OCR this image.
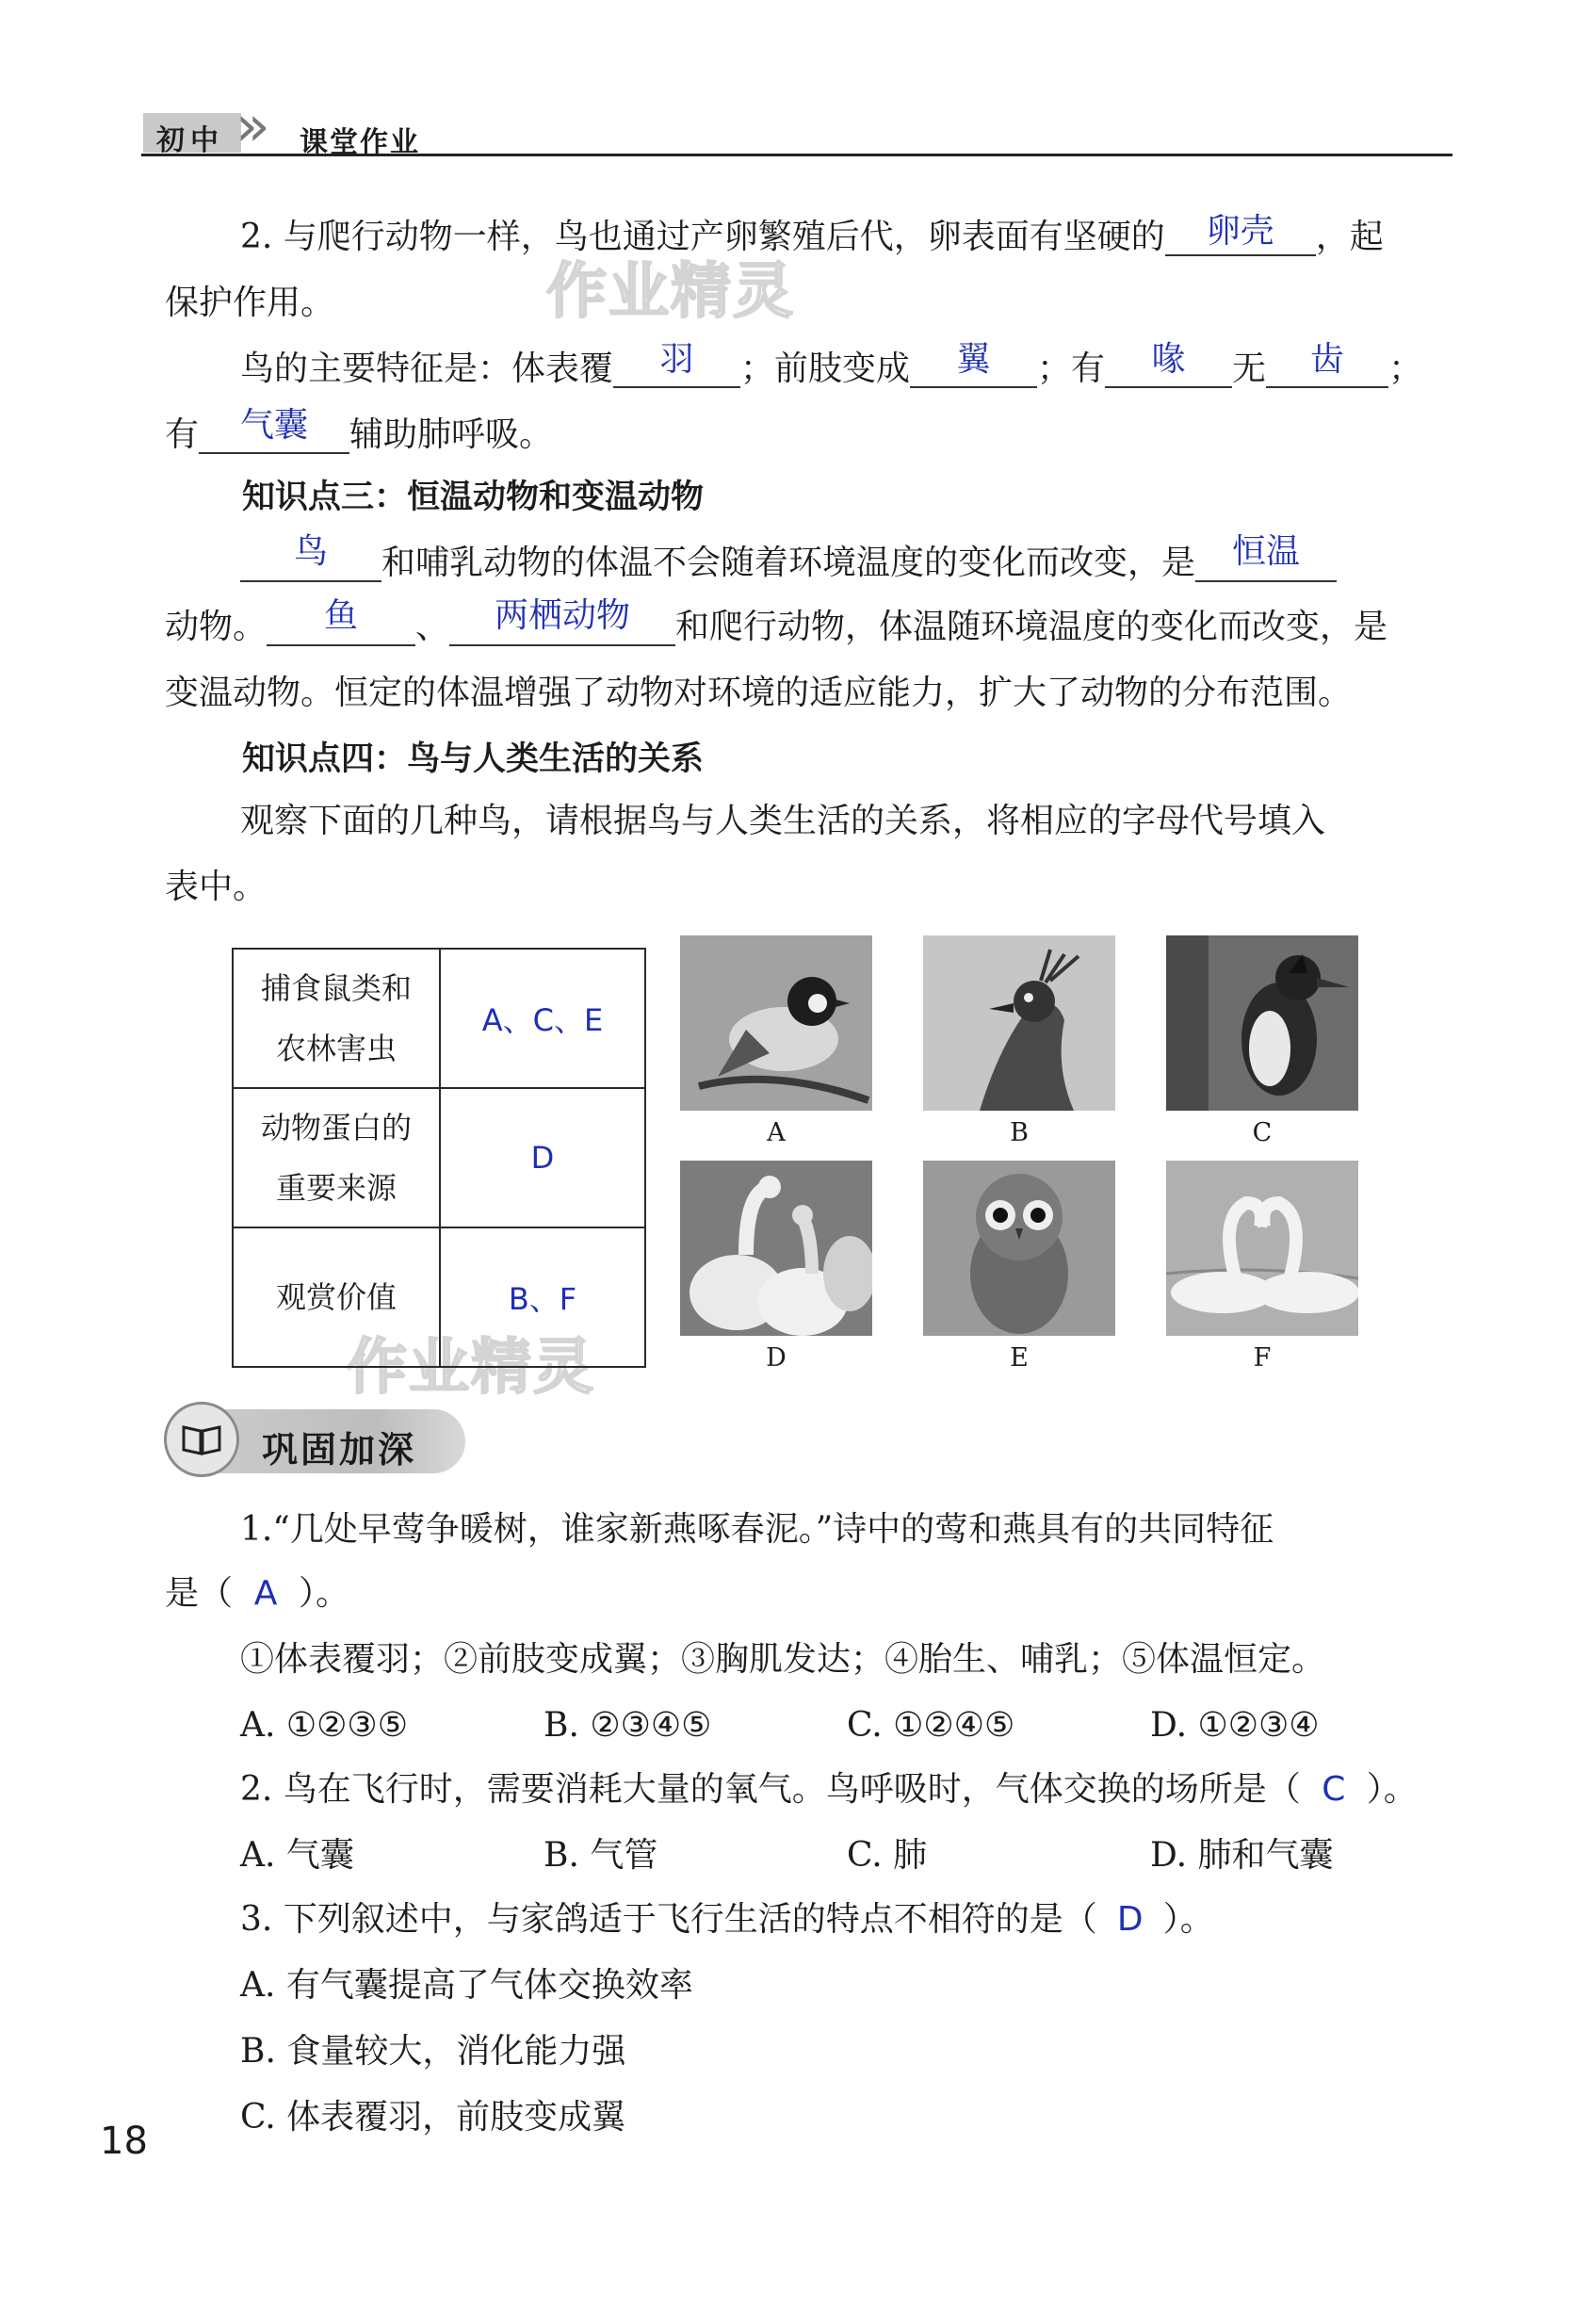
初中 » 课堂作业
作业精灵
作业精灵
2. 与爬行动物一样，鸟也通过产卵繁殖后代，卵表面有坚硬的	卵壳	，起
保护作用。
鸟的主要特征是：体表覆	羽	；前肢变成	翼	；有	喙	无	齿	；
有	气囊	辅助肺呼吸。
知识点三：恒温动物和变温动物
鸟	和哺乳动物的体温不会随着环境温度的变化而改变，是	恒温
动物。	鱼	、	两栖动物	和爬行动物，体温随环境温度的变化而改变，是
变温动物。恒定的体温增强了动物对环境的适应能力，扩大了动物的分布范围。
知识点四：鸟与人类生活的关系
观察下面的几种鸟，请根据鸟与人类生活的关系，将相应的字母代号填入
表中。
捕食鼠类和
农林害虫	A、C、E

动物蛋白的
重要来源	D

观赏价值	B、F
A	B	C
D	E	F
巩固加深
1.“几处早莺争暖树，谁家新燕啄春泥。”诗中的莺和燕具有的共同特征
是（ A ）。
①体表覆羽；②前肢变成翼；③胸肌发达；④胎生、哺乳；⑤体温恒定。
A. ①②③⑤	B. ②③④⑤	C. ①②④⑤	D. ①②③④
2. 鸟在飞行时，需要消耗大量的氧气。鸟呼吸时，气体交换的场所是（ C ）。
A. 气囊	B. 气管	C. 肺	D. 肺和气囊
3. 下列叙述中，与家鸽适于飞行生活的特点不相符的是（ D ）。
A. 有气囊提高了气体交换效率
B. 食量较大，消化能力强
C. 体表覆羽，前肢变成翼
18
